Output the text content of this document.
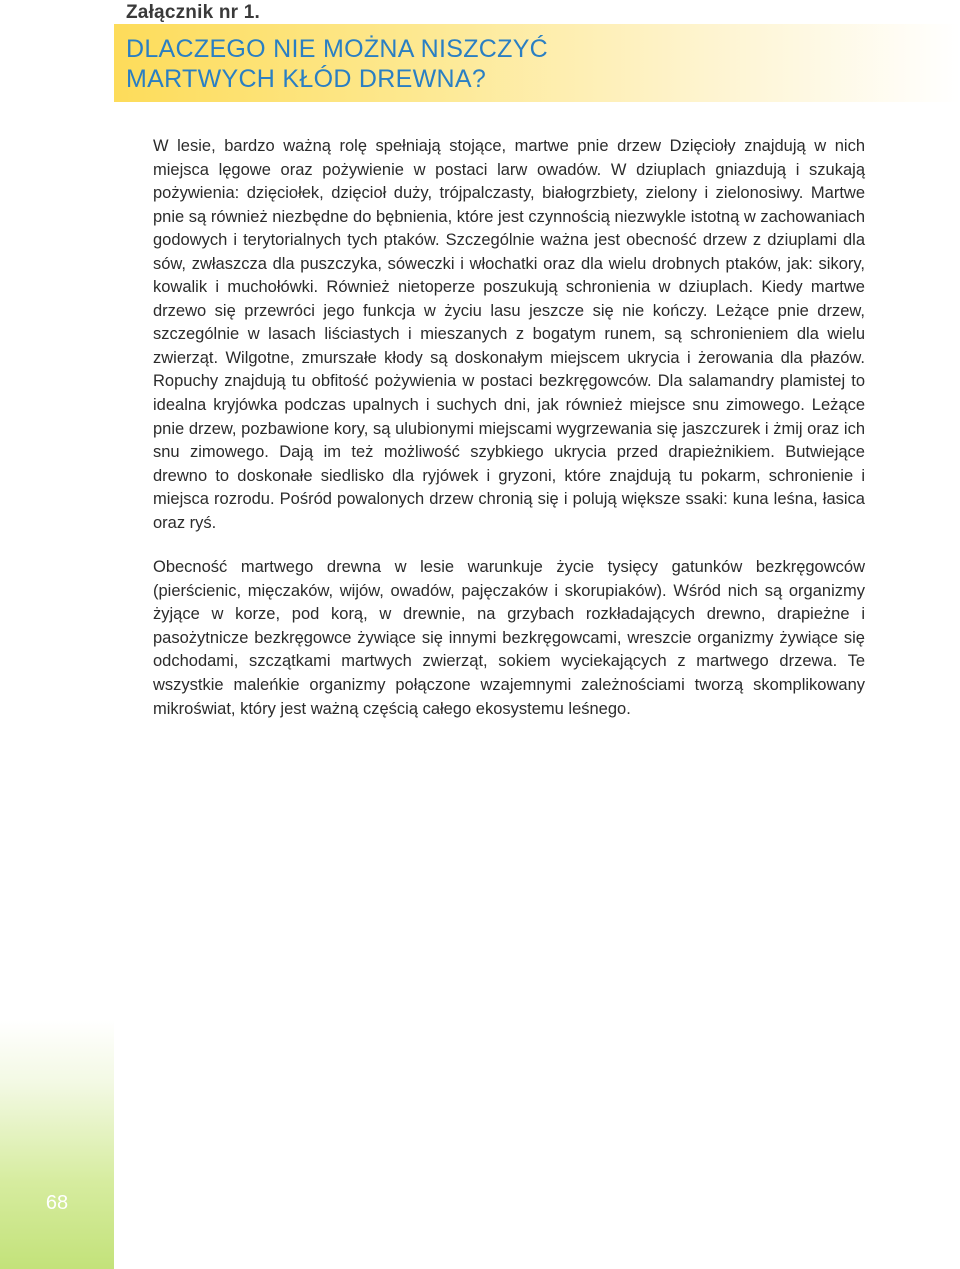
Załącznik nr 1.
DLACZEGO NIE MOŻNA NISZCZYĆ
MARTWYCH KŁÓD DREWNA?

W lesie, bardzo ważną rolę spełniają stojące, martwe pnie drzew Dzięcioły znajdują w nich miejsca lęgowe oraz pożywienie w postaci larw owadów. W dziuplach gniazdują i szukają pożywienia: dzięciołek, dzięcioł duży, trójpalczasty, białogrzbiety, zielony i zielonosiwy. Martwe pnie są również niezbędne do bębnienia, które jest czynnością niezwykle istotną w zachowaniach godowych i terytorialnych tych ptaków. Szczególnie ważna jest obecność drzew z dziuplami dla sów, zwłaszcza dla puszczyka, sóweczki i włochatki oraz dla wielu drobnych ptaków, jak: sikory, kowalik i muchołówki. Również nietoperze poszukują schronienia w dziuplach. Kiedy martwe drzewo się przewróci jego funkcja w życiu lasu jeszcze się nie kończy. Leżące pnie drzew, szczególnie w lasach liściastych i mieszanych z bogatym runem, są schronieniem dla wielu zwierząt. Wilgotne, zmurszałe kłody są doskonałym miejscem ukrycia i żerowania dla płazów. Ropuchy znajdują tu obfitość pożywienia w postaci bezkręgowców. Dla salamandry plamistej to idealna kryjówka podczas upalnych i suchych dni, jak również miejsce snu zimowego. Leżące pnie drzew, pozbawione kory, są ulubionymi miejscami wygrzewania się jaszczurek i żmij oraz ich snu zimowego. Dają im też możliwość szybkiego ukrycia przed drapieżnikiem. Butwiejące drewno to doskonałe siedlisko dla ryjówek i gryzoni, które znajdują tu pokarm, schronienie i miejsca rozrodu. Pośród powalonych drzew chronią się i polują większe ssaki: kuna leśna, łasica oraz ryś.

Obecność martwego drewna w lesie warunkuje życie tysięcy gatunków bezkręgowców (pierścienic, mięczaków, wijów, owadów, pajęczaków i skorupiaków). Wśród nich są organizmy żyjące w korze, pod korą, w drewnie, na grzybach rozkładających drewno, drapieżne i pasożytnicze bezkręgowce żywiące się innymi bezkręgowcami, wreszcie organizmy żywiące się odchodami, szczątkami martwych zwierząt, sokiem wyciekających z martwego drzewa. Te wszystkie maleńkie organizmy połączone wzajemnymi zależnościami tworzą skomplikowany mikroświat, który jest ważną częścią całego ekosystemu leśnego.

68
